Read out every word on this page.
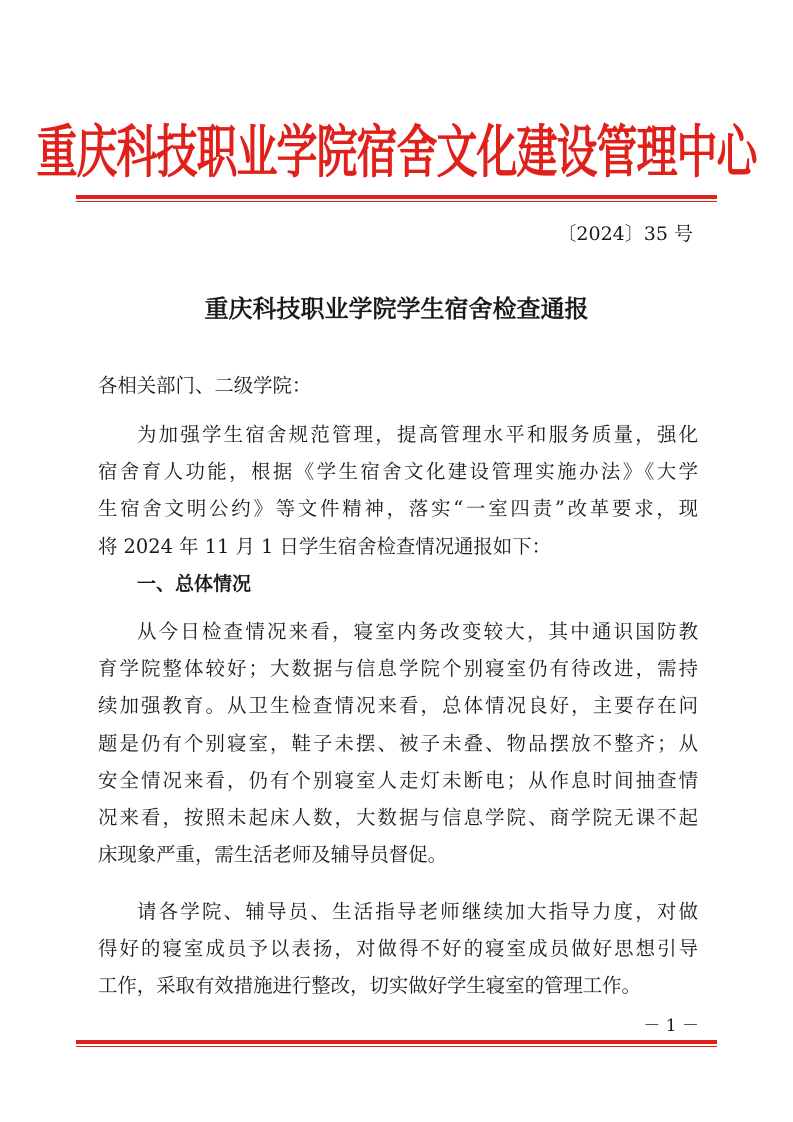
重庆科技职业学院宿舍文化建设管理中心
〔2024〕35 号
重庆科技职业学院学生宿舍检查通报
各相关部门、二级学院：
为加强学生宿舍规范管理，提高管理水平和服务质量，强化
宿舍育人功能，根据《学生宿舍文化建设管理实施办法》《大学
生宿舍文明公约》等文件精神，落实“一室四责”改革要求，现
将 2024 年 11 月 1 日学生宿舍检查情况通报如下：
一、总体情况
从今日检查情况来看，寝室内务改变较大，其中通识国防教
育学院整体较好；大数据与信息学院个别寝室仍有待改进，需持
续加强教育。从卫生检查情况来看，总体情况良好，主要存在问
题是仍有个别寝室，鞋子未摆、被子未叠、物品摆放不整齐；从
安全情况来看，仍有个别寝室人走灯未断电；从作息时间抽查情
况来看，按照未起床人数，大数据与信息学院、商学院无课不起
床现象严重，需生活老师及辅导员督促。
请各学院、辅导员、生活指导老师继续加大指导力度，对做
得好的寝室成员予以表扬，对做得不好的寝室成员做好思想引导
工作，采取有效措施进行整改，切实做好学生寝室的管理工作。
－ 1 －
